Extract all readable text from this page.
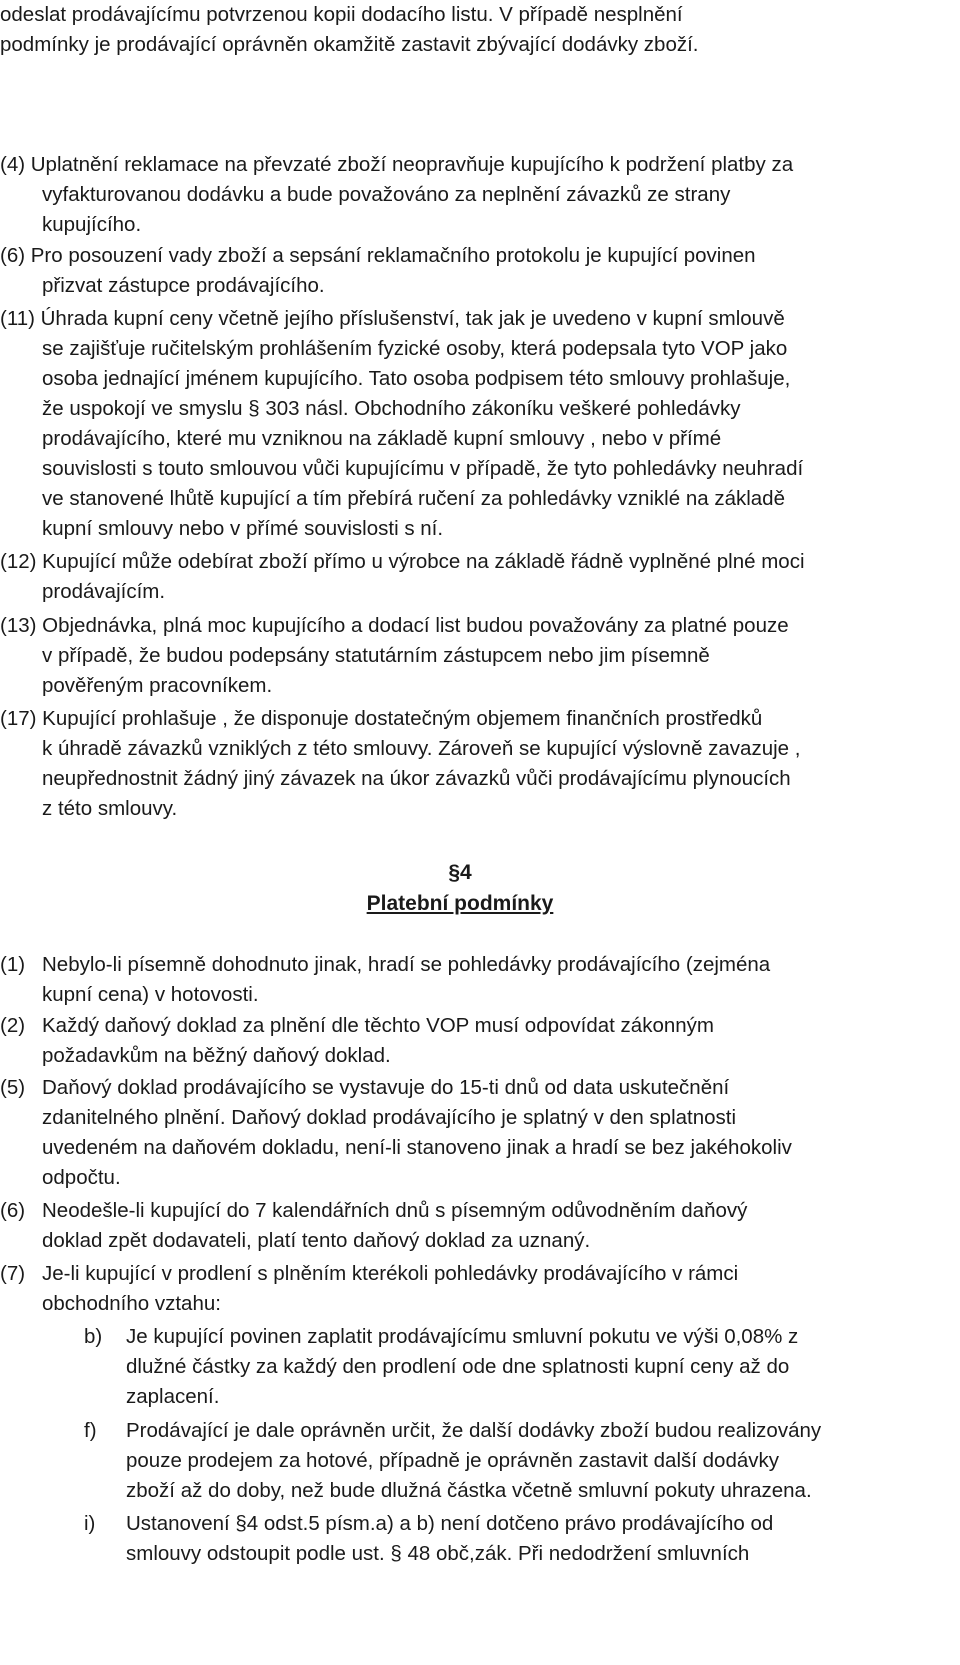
odeslat prodávajícímu potvrzenou kopii dodacího listu. V případě nesplnění
podmínky je prodávající oprávněn okamžitě zastavit zbývající dodávky zboží.
(4) Uplatnění reklamace na převzaté zboží neopravňuje kupujícího k podržení platby za
vyfakturovanou dodávku a bude považováno za neplnění závazků ze strany
kupujícího.
(6) Pro posouzení vady zboží a sepsání reklamačního protokolu je kupující povinen
přizvat zástupce prodávajícího.
(11) Úhrada kupní ceny včetně jejího příslušenství, tak jak je uvedeno v kupní smlouvě
se zajišťuje ručitelským prohlášením fyzické osoby, která podepsala tyto VOP jako
osoba jednající jménem kupujícího. Tato osoba podpisem této smlouvy prohlašuje,
že uspokojí ve smyslu § 303 násl. Obchodního zákoníku veškeré pohledávky
prodávajícího, které mu vzniknou na základě kupní smlouvy , nebo v přímé
souvislosti s touto smlouvou vůči kupujícímu v případě, že tyto pohledávky neuhradí
ve stanovené lhůtě kupující a tím přebírá ručení za pohledávky vzniklé na základě
kupní smlouvy nebo v přímé souvislosti s ní.
(12) Kupující může odebírat zboží přímo u výrobce na základě řádně vyplněné plné moci
prodávajícím.
(13) Objednávka, plná moc kupujícího a dodací list budou považovány za platné pouze
v případě, že budou podepsány statutárním zástupcem nebo jim písemně
pověřeným pracovníkem.
(17) Kupující prohlašuje , že disponuje dostatečným objemem finančních prostředků
k úhradě závazků vzniklých z této smlouvy. Zároveň se kupující výslovně zavazuje ,
neupřednostnit žádný jiný závazek na úkor závazků vůči prodávajícímu plynoucích
z této smlouvy.
§4
Platební podmínky
(1) Nebylo-li písemně dohodnuto jinak, hradí se pohledávky prodávajícího (zejména
kupní cena) v hotovosti.
(2) Každý daňový doklad za plnění dle těchto VOP musí odpovídat zákonným
požadavkům na běžný daňový doklad.
(5) Daňový doklad prodávajícího se vystavuje do 15-ti dnů od data uskutečnění
zdanitelného plnění. Daňový doklad prodávajícího je splatný v den splatnosti
uvedeném na daňovém dokladu, není-li stanoveno jinak a hradí se bez jakéhokoliv
odpočtu.
(6) Neodešle-li kupující do 7 kalendářních dnů s písemným odůvodněním daňový
doklad zpět dodavateli, platí tento daňový doklad za uznaný.
(7) Je-li kupující v prodlení s plněním kterékoli pohledávky prodávajícího v rámci
obchodního vztahu:
b) Je kupující povinen zaplatit prodávajícímu smluvní pokutu ve výši 0,08% z
dlužné částky za každý den prodlení ode dne splatnosti kupní ceny až do
zaplacení.
f) Prodávající je dale oprávněn určit, že další dodávky zboží budou realizovány
pouze prodejem za hotové, případně je oprávněn zastavit další dodávky
zboží až do doby, než bude dlužná částka včetně smluvní pokuty uhrazena.
i) Ustanovení §4 odst.5 písm.a) a b) není dotčeno právo prodávajícího od
smlouvy odstoupit podle ust. § 48 obč,zák. Při nedodržení smluvních
